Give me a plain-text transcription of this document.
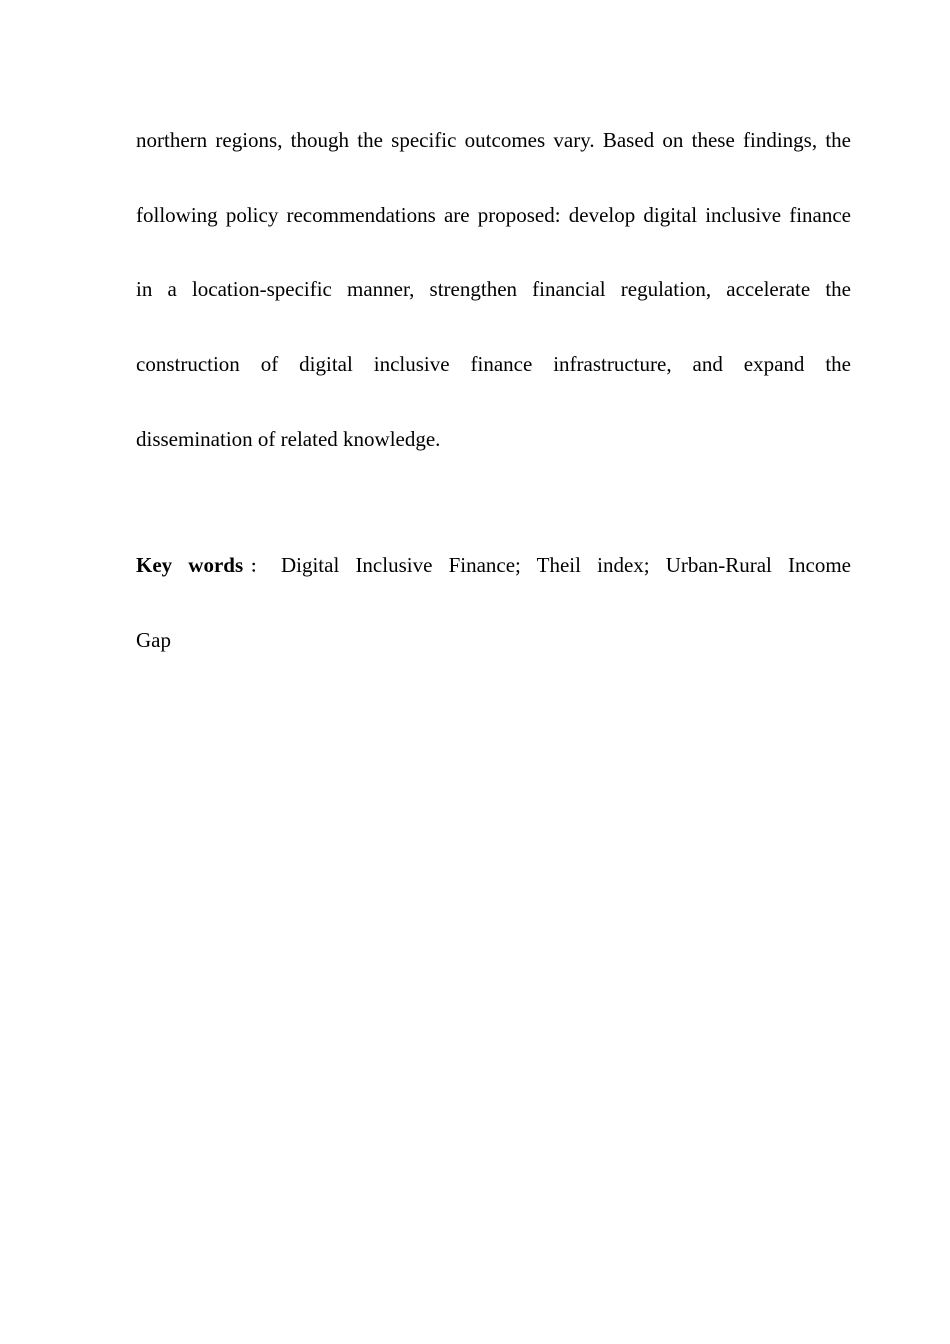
northern regions, though the specific outcomes vary. Based on these findings, the
following policy recommendations are proposed: develop digital inclusive finance
in a location-specific manner, strengthen financial regulation, accelerate the
construction of digital inclusive finance infrastructure, and expand the
dissemination of related knowledge.
Key words： Digital Inclusive Finance; Theil index; Urban-Rural Income
Gap
